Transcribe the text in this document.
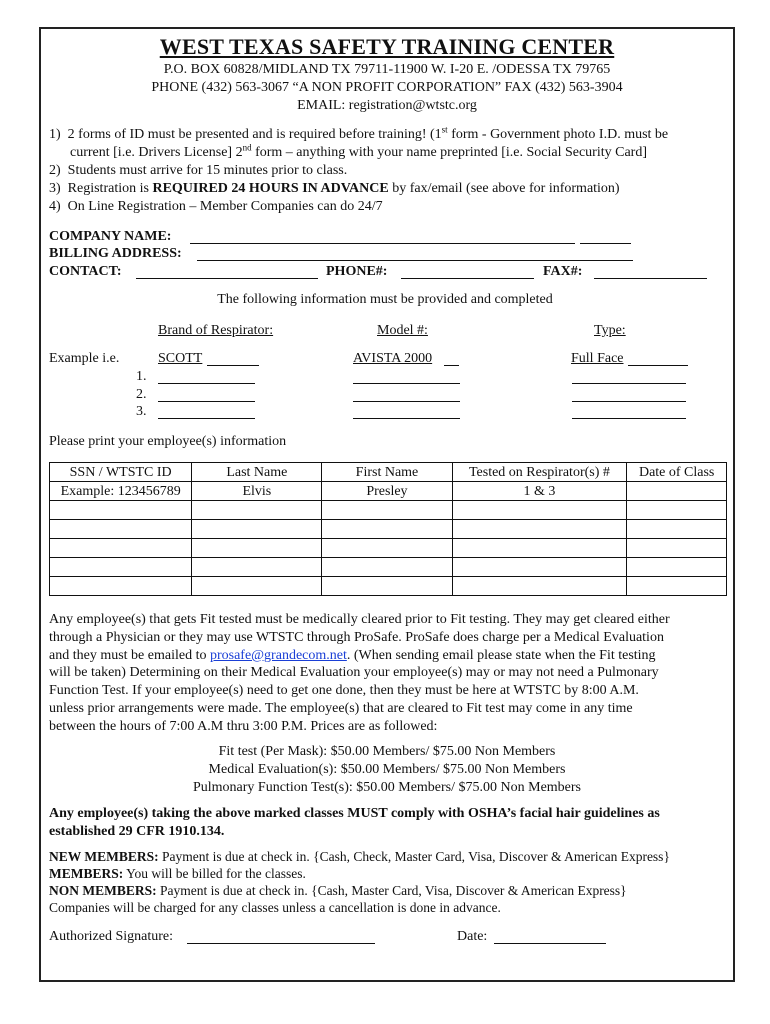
WEST TEXAS SAFETY TRAINING CENTER
P.O. BOX 60828/MIDLAND TX 79711-11900 W. I-20 E. /ODESSA TX 79765
PHONE (432) 563-3067 “A NON PROFIT CORPORATION” FAX (432) 563-3904
EMAIL: registration@wtstc.org
1) 2 forms of ID must be presented and is required before training! (1st form - Government photo I.D. must be
current [i.e. Drivers License] 2nd form – anything with your name preprinted [i.e. Social Security Card]
2) Students must arrive for 15 minutes prior to class.
3) Registration is REQUIRED 24 HOURS IN ADVANCE by fax/email (see above for information)
4) On Line Registration – Member Companies can do 24/7
COMPANY NAME:
BILLING ADDRESS:
CONTACT:	PHONE#:	FAX#:
The following information must be provided and completed
Brand of Respirator:	Model #:	Type:
Example i.e.	SCOTT	AVISTA 2000	Full Face
1.
2.
3.
Please print your employee(s) information
SSN / WTSTC ID	Last Name	First Name	Tested on Respirator(s) #	Date of Class
Example: 123456789	Elvis	Presley	1 & 3	

Any employee(s) that gets Fit tested must be medically cleared prior to Fit testing. They may get cleared either

through a Physician or they may use WTSTC through ProSafe. ProSafe does charge per a Medical Evaluation

and they must be emailed to prosafe@grandecom.net. (When sending email please state when the Fit testing

will be taken) Determining on their Medical Evaluation your employee(s) may or may not need a Pulmonary

Function Test. If your employee(s) need to get one done, then they must be here at WTSTC by 8:00 A.M.

unless prior arrangements were made. The employee(s) that are cleared to Fit test may come in any time

between the hours of 7:00 A.M thru 3:00 P.M. Prices are as followed:

Fit test (Per Mask): $50.00 Members/ $75.00 Non Members
Medical Evaluation(s): $50.00 Members/ $75.00 Non Members
Pulmonary Function Test(s): $50.00 Members/ $75.00 Non Members
Any employee(s) taking the above marked classes MUST comply with OSHA’s facial hair guidelines as
established 29 CFR 1910.134.
NEW MEMBERS: Payment is due at check in. {Cash, Check, Master Card, Visa, Discover & American Express}
MEMBERS: You will be billed for the classes.
NON MEMBERS: Payment is due at check in. {Cash, Master Card, Visa, Discover & American Express}
Companies will be charged for any classes unless a cancellation is done in advance.
Authorized Signature:	Date:
